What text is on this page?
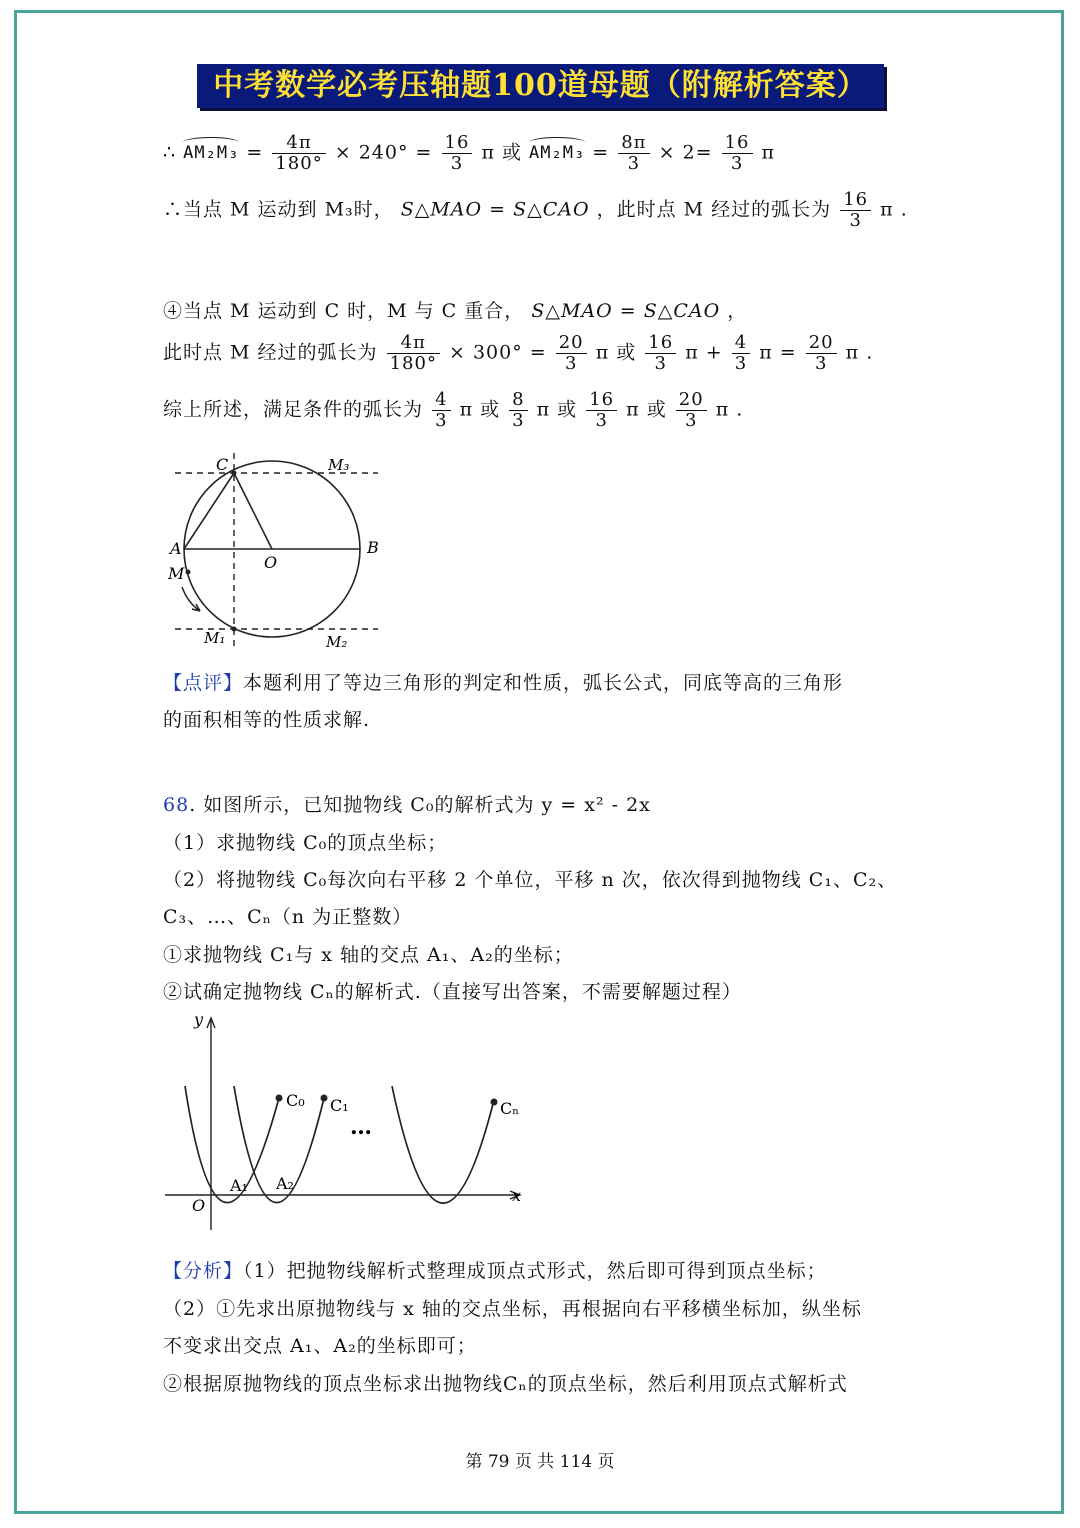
中考数学必考压轴题100道母题（附解析答案）
∴ $AM_2M_3 = \frac{4\pi}{180^\circ} \times 240^\circ = \frac{16}{3}$ π 或 $AM_2M_3 = \frac{8\pi}{3} \times 2= \frac{16}{3}$ π
∴当点 M 运动到 M₃时， S△MAO = S△CAO ，此时点 M 经过的弧长为 $\frac{16}{3}$ π .
④当点 M 运动到 C 时，M 与 C 重合， S△MAO = S△CAO ，
此时点 M 经过的弧长为 $\frac{4\pi}{180^\circ} \times 300^\circ = \frac{20}{3}$ π 或 $\frac{16}{3}$ $\pi + \frac{4}{3}$ $\pi = \frac{20}{3}$ π .
综上所述，满足条件的弧长为 $\frac{4}{3}$ π 或 $\frac{8}{3}$ π 或 $\frac{16}{3}$ π 或 $\frac{20}{3}$ π .
C	M₃
A
O
B
M
M₁	M₂
【点评】本题利用了等边三角形的判定和性质，弧长公式，同底等高的三角形
的面积相等的性质求解.
68. 如图所示，已知抛物线 C₀的解析式为 y = x² - 2x
（1）求抛物线 C₀的顶点坐标；
（2）将抛物线 C₀每次向右平移 2 个单位，平移 n 次，依次得到抛物线 C₁、C₂、
C₃、…、Cₙ（n 为正整数）
①求抛物线 C₁与 x 轴的交点 A₁、A₂的坐标；
②试确定抛物线 Cₙ的解析式.（直接写出答案，不需要解题过程）
y
x
O
C₀ C₁	Cₙ
A₁ A₂
…
【分析】（1）把抛物线解析式整理成顶点式形式，然后即可得到顶点坐标；
（2）①先求出原抛物线与 x 轴的交点坐标，再根据向右平移横坐标加，纵坐标
不变求出交点 A₁、A₂的坐标即可；
②根据原抛物线的顶点坐标求出抛物线Cₙ的顶点坐标，然后利用顶点式解析式
第 79 页 共 114 页
